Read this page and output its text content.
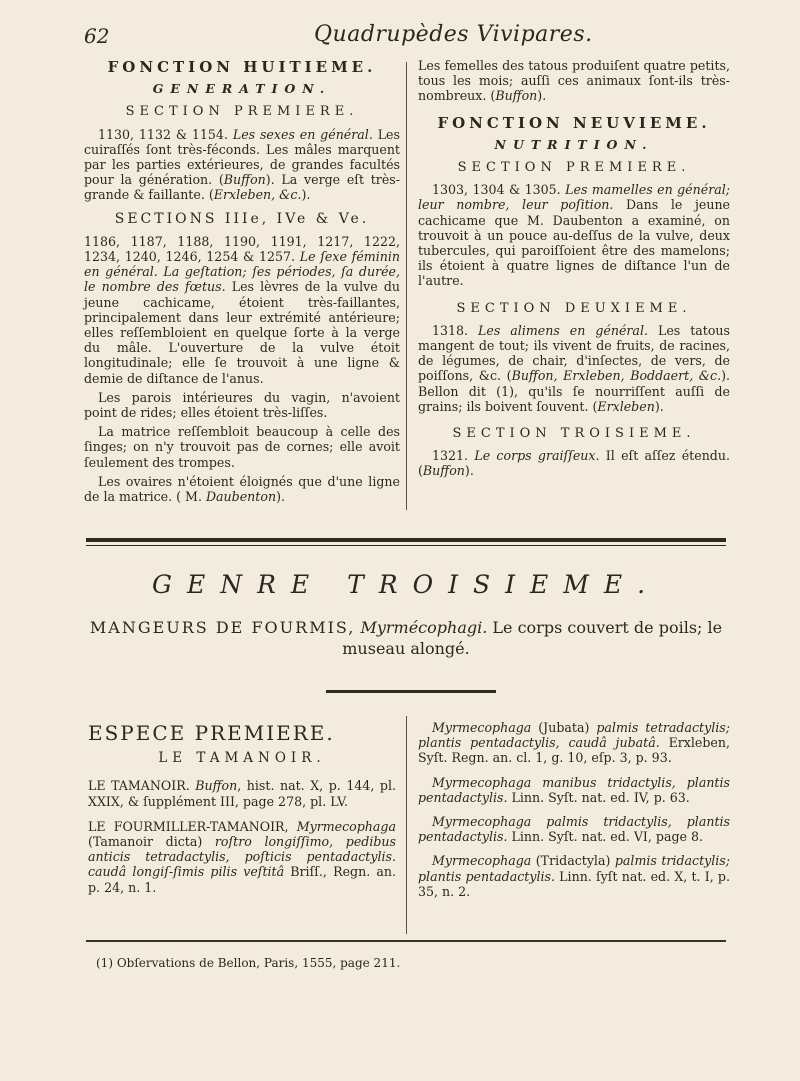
62	Quadrupèdes Vivipares.
FONCTION HUITIEME.
GENERATION.
SECTION PREMIERE.

1130, 1132 & 1154. Les sexes en général. Les cuiraſſés ſont très-féconds. Les mâles marquent par les parties extérieures, de grandes facultés pour la génération. (Buffon). La verge eſt très-grande & faillante. (Erxleben, &c.).

SECTIONS IIIe, IVe & Ve.

1186, 1187, 1188, 1190, 1191, 1217, 1222, 1234, 1240, 1246, 1254 & 1257. Le ſexe féminin en général. La geſtation; ſes périodes, ſa durée, le nombre des fœtus. Les lèvres de la vulve du jeune cachicame, étoient très-faillantes, principalement dans leur extrémité antérieure; elles reſſembloient en quelque ſorte à la verge du mâle. L'ouverture de la vulve étoit longitudinale; elle ſe trouvoit à une ligne & demie de diſtance de l'anus.

Les parois intérieures du vagin, n'avoient point de rides; elles étoient très-liſſes.

La matrice reſſembloit beaucoup à celle des ſinges; on n'y trouvoit pas de cornes; elle avoit ſeulement des trompes.

Les ovaires n'étoient éloignés que d'une ligne de la matrice. ( M. Daubenton).

Les femelles des tatous produiſent quatre petits, tous les mois; auſſi ces animaux ſont-ils très-nombreux. (Buffon).

FONCTION NEUVIEME.
NUTRITION.
SECTION PREMIERE.

1303, 1304 & 1305. Les mamelles en général; leur nombre, leur poſition. Dans le jeune cachicame que M. Daubenton a examiné, on trouvoit à un pouce au-deſſus de la vulve, deux tubercules, qui paroiſſoient être des mamelons; ils étoient à quatre lignes de diſtance l'un de l'autre.

SECTION DEUXIEME.

1318. Les alimens en général. Les tatous mangent de tout; ils vivent de fruits, de racines, de légumes, de chair, d'inſectes, de vers, de poiſſons, &c. (Buffon, Erxleben, Boddaert, &c.). Bellon dit (1), qu'ils ſe nourriſſent auſſi de grains; ils boivent ſouvent. (Erxleben).

SECTION TROISIEME.

1321. Le corps graiſſeux. Il eſt aſſez étendu. (Buffon).

GENRE TROISIEME.
MANGEURS DE FOURMIS, Myrmécophagi. Le corps couvert de poils; le museau alongé.
ESPECE PREMIERE.
LE TAMANOIR.

LE TAMANOIR. Buffon, hist. nat. X, p. 144, pl. XXIX, & ſupplément III, page 278, pl. LV.

LE FOURMILLER-TAMANOIR, Myrmecophaga (Tamanoir dicta) roſtro longiſſimo, pedibus anticis tetradactylis, poſticis pentadactylis. caudâ longiſ-ſimis pilis veſtitâ Briſſ., Regn. an. p. 24, n. 1.

Myrmecophaga (Jubata) palmis tetradactylis; plantis pentadactylis, caudâ jubatâ. Erxleben, Syſt. Regn. an. cl. 1, g. 10, eſp. 3, p. 93.

Myrmecophaga manibus tridactylis, plantis pentadactylis. Linn. Syſt. nat. ed. IV, p. 63.

Myrmecophaga palmis tridactylis, plantis pentadactylis. Linn. Syſt. nat. ed. VI, page 8.

Myrmecophaga (Tridactyla) palmis tridactylis; plantis pentadactylis. Linn. ſyſt nat. ed. X, t. I, p. 35, n. 2.

(1) Obſervations de Bellon, Paris, 1555, page 211.
